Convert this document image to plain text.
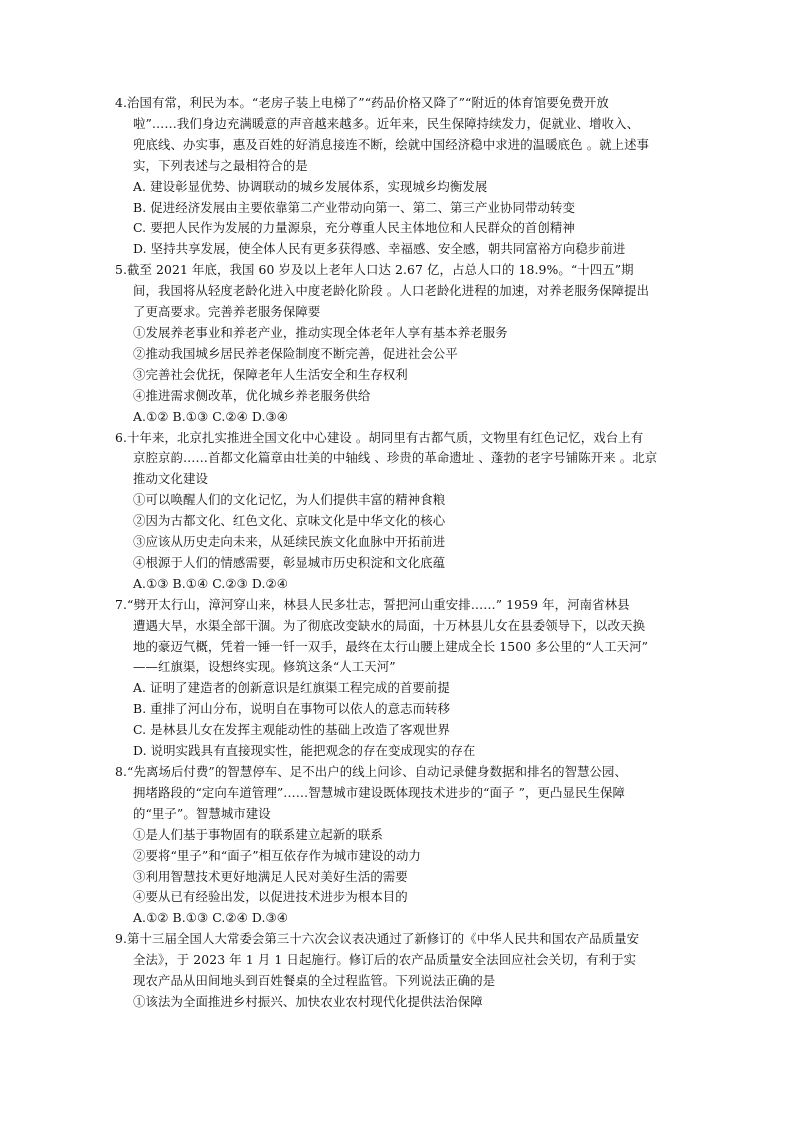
4.治国有常，利民为本。“老房子装上电梯了”“药品价格又降了”“附近的体育馆要免费开放
啦”……我们身边充满暖意的声音越来越多。近年来，民生保障持续发力，促就业、增收入、
兜底线、办实事，惠及百姓的好消息接连不断，绘就中国经济稳中求进的温暖底色 。就上述事
实，下列表述与之最相符合的是
A. 建设彰显优势、协调联动的城乡发展体系，实现城乡均衡发展
B. 促进经济发展由主要依靠第二产业带动向第一、第二、第三产业协同带动转变
C. 要把人民作为发展的力量源泉，充分尊重人民主体地位和人民群众的首创精神
D. 坚持共享发展，使全体人民有更多获得感、幸福感、安全感，朝共同富裕方向稳步前进
5.截至 2021 年底，我国 60 岁及以上老年人口达 2.67 亿，占总人口的 18.9%。“十四五”期
间，我国将从轻度老龄化进入中度老龄化阶段 。人口老龄化进程的加速，对养老服务保障提出
了更高要求。完善养老服务保障要
①发展养老事业和养老产业，推动实现全体老年人享有基本养老服务
②推动我国城乡居民养老保险制度不断完善，促进社会公平
③完善社会优抚，保障老年人生活安全和生存权利
④推进需求侧改革，优化城乡养老服务供给
A.①② B.①③ C.②④ D.③④
6.十年来，北京扎实推进全国文化中心建设 。胡同里有古都气质，文物里有红色记忆，戏台上有
京腔京韵……首都文化篇章由壮美的中轴线 、珍贵的革命遗址 、蓬勃的老字号铺陈开来 。北京
推动文化建设
①可以唤醒人们的文化记忆，为人们提供丰富的精神食粮
②因为古都文化、红色文化、京味文化是中华文化的核心
③应该从历史走向未来，从延续民族文化血脉中开拓前进
④根源于人们的情感需要，彰显城市历史积淀和文化底蕴
A.①③ B.①④ C.②③ D.②④
7.“劈开太行山，漳河穿山来，林县人民多壮志，誓把河山重安排……” 1959 年，河南省林县
遭遇大旱，水渠全部干涸。为了彻底改变缺水的局面，十万林县儿女在县委领导下，以改天换
地的豪迈气概，凭着一锤一钎一双手，最终在太行山腰上建成全长 1500 多公里的“人工天河”
——红旗渠，设想终实现。修筑这条“人工天河”
A. 证明了建造者的创新意识是红旗渠工程完成的首要前提
B. 重排了河山分布，说明自在事物可以依人的意志而转移
C. 是林县儿女在发挥主观能动性的基础上改造了客观世界
D. 说明实践具有直接现实性，能把观念的存在变成现实的存在
8.“先离场后付费”的智慧停车、足不出户的线上问诊、自动记录健身数据和排名的智慧公园、
拥堵路段的“定向车道管理”……智慧城市建设既体现技术进步的“面子 ”，更凸显民生保障
的“里子”。智慧城市建设
①是人们基于事物固有的联系建立起新的联系
②要将“里子”和“面子”相互依存作为城市建设的动力
③利用智慧技术更好地满足人民对美好生活的需要
④要从已有经验出发，以促进技术进步为根本目的
A.①② B.①③ C.②④ D.③④
9.第十三届全国人大常委会第三十六次会议表决通过了新修订的《中华人民共和国农产品质量安
全法》，于 2023 年 1 月 1 日起施行。修订后的农产品质量安全法回应社会关切，有利于实
现农产品从田间地头到百姓餐桌的全过程监管。下列说法正确的是
①该法为全面推进乡村振兴、加快农业农村现代化提供法治保障
